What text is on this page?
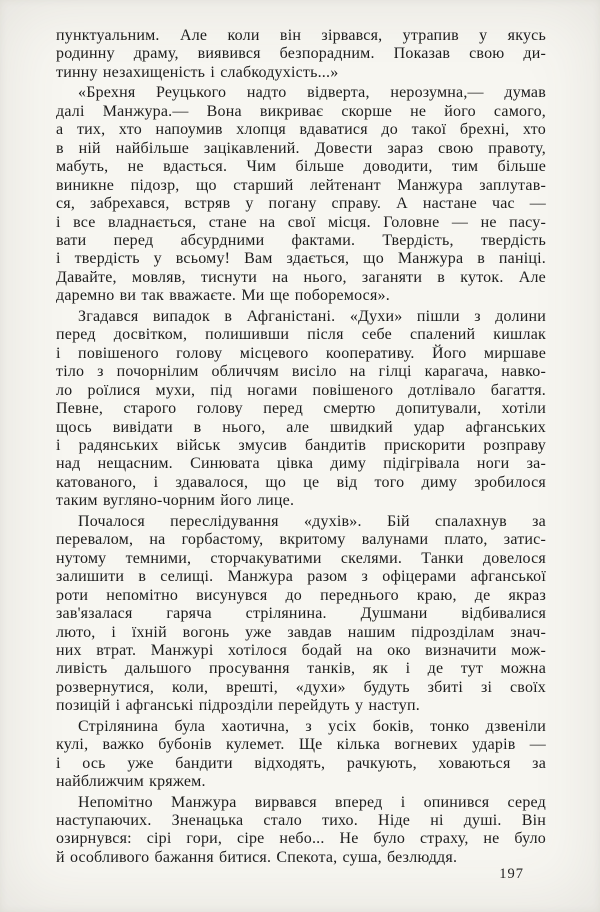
пунктуальним. Але коли він зірвався, утрапив у якусь
родинну драму, виявився безпорадним. Показав свою ди-
тинну незахищеність і слабкодухість...»
«Брехня Реуцького надто відверта, нерозумна,— думав
далі Манжура.— Вона викриває скорше не його самого,
а тих, хто напоумив хлопця вдаватися до такої брехні, хто
в ній найбільше зацікавлений. Довести зараз свою правоту,
мабуть, не вдасться. Чим більше доводити, тим більше
виникне підозр, що старший лейтенант Манжура заплутав-
ся, забрехався, встряв у погану справу. А настане час —
і все владнається, стане на свої місця. Головне — не пасу-
вати перед абсурдними фактами. Твердість, твердість
і твердість у всьому! Вам здається, що Манжура в паніці.
Давайте, мовляв, тиснути на нього, заганяти в куток. Але
даремно ви так вважаєте. Ми ще поборемося».
Згадався випадок в Афганістані. «Духи» пішли з долини
перед досвітком, полишивши після себе спалений кишлак
і повішеного голову місцевого кооперативу. Його миршаве
тіло з почорнілим обличчям висіло на гілці карагача, навко-
ло роїлися мухи, під ногами повішеного дотлівало багаття.
Певне, старого голову перед смертю допитували, хотіли
щось вивідати в нього, але швидкий удар афганських
і радянських військ змусив бандитів прискорити розправу
над нещасним. Синювата цівка диму підігрівала ноги за-
катованого, і здавалося, що це від того диму зробилося
таким вугляно-чорним його лице.
Почалося переслідування «духів». Бій спалахнув за
перевалом, на горбастому, вкритому валунами плато, затис-
нутому темними, сторчакуватими скелями. Танки довелося
залишити в селищі. Манжура разом з офіцерами афганської
роти непомітно висунувся до переднього краю, де якраз
зав'язалася гаряча стрілянина. Душмани відбивалися
люто, і їхній вогонь уже завдав нашим підрозділам знач-
них втрат. Манжурі хотілося бодай на око визначити мож-
ливість дальшого просування танків, як і де тут можна
розвернутися, коли, врешті, «духи» будуть збиті зі своїх
позицій і афганські підрозділи перейдуть у наступ.
Стрілянина була хаотична, з усіх боків, тонко дзвеніли
кулі, важко бубонів кулемет. Ще кілька вогневих ударів —
і ось уже бандити відходять, рачкують, ховаються за
найближчим кряжем.
Непомітно Манжура вирвався вперед і опинився серед
наступаючих. Зненацька стало тихо. Ніде ні душі. Він
озирнувся: сірі гори, сіре небо... Не було страху, не було
й особливого бажання битися. Спекота, суша, безлюддя.
197
